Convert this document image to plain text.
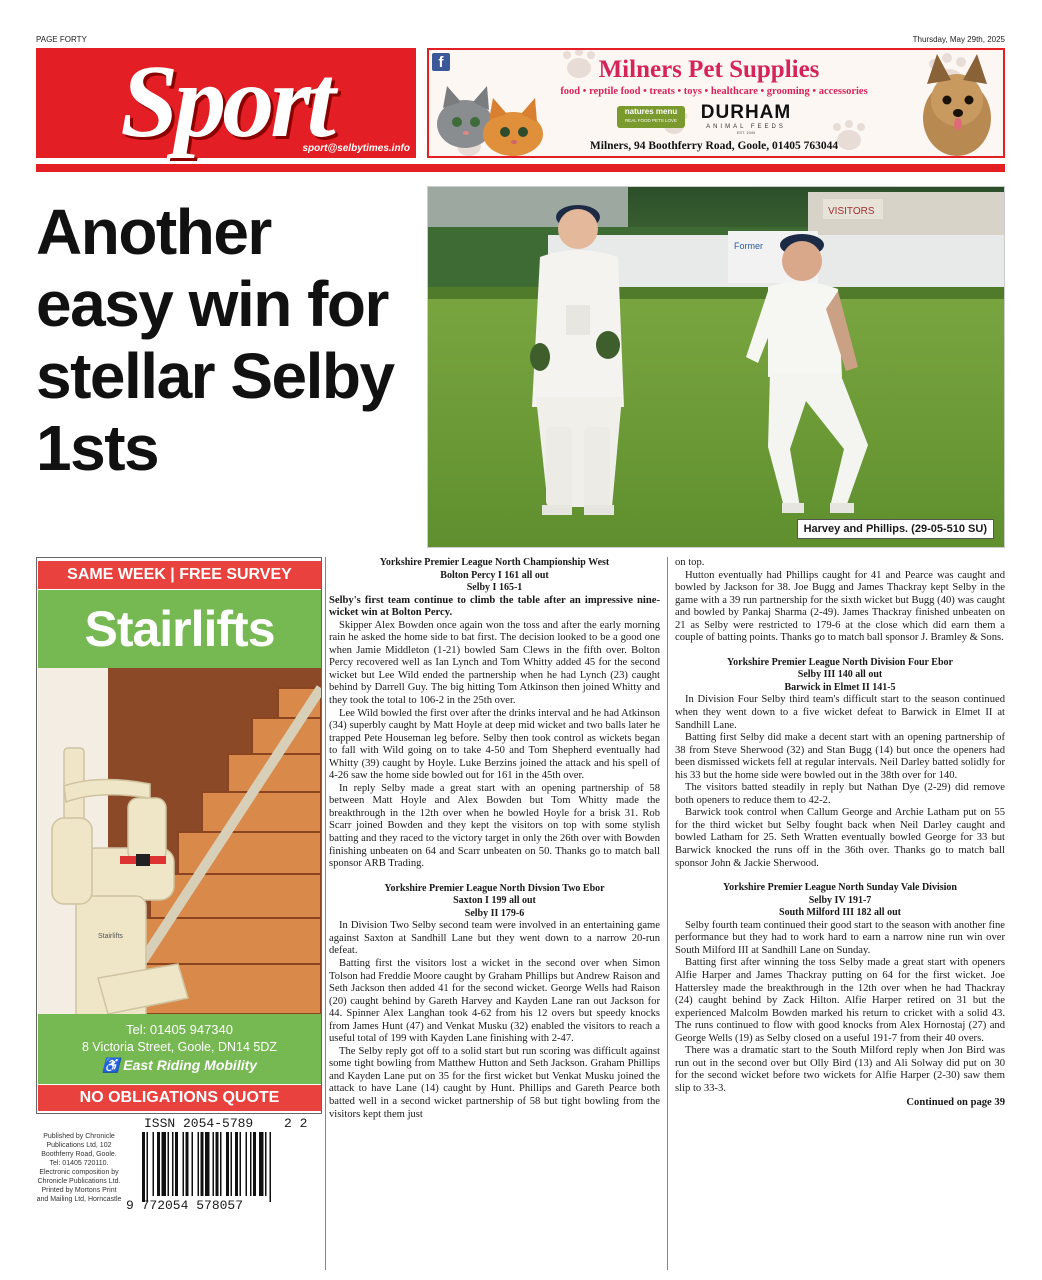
PAGE FORTY	Thursday, May 29th, 2025
Sport
sport@selbytimes.info
f	Milners Pet Supplies
food • reptile food • treats • toys • healthcare • grooming • accessories
natures menu
REAL FOOD PETS LOVE	DURHAM
ANIMAL FEEDS
EST. 1949
Milners, 94 Boothferry Road, Goole, 01405 763044
Another easy win for stellar Selby 1sts
VISITORS
Former
Harvey and Phillips. (29-05-510 SU)
SAME WEEK | FREE SURVEY
Stairlifts
Stairlifts
Tel: 01405 947340
8 Victoria Street, Goole, DN14 5DZ
♿ East Riding Mobility
NO OBLIGATIONS QUOTE
Published by Chronicle Publications Ltd, 102 Boothferry Road, Goole. Tel: 01405 720110. Electronic composition by Chronicle Publications Ltd. Printed by Mortons Print and Mailing Ltd, Horncastle
ISSN 2054-5789 2 2
9 772054 578057
Yorkshire Premier League North Championship West
Bolton Percy I 161 all out
Selby I 165-1

Selby's first team continue to climb the table after an impressive nine-wicket win at Bolton Percy.

Skipper Alex Bowden once again won the toss and after the early morning rain he asked the home side to bat first. The decision looked to be a good one when Jamie Middleton (1-21) bowled Sam Clews in the fifth over. Bolton Percy recovered well as Ian Lynch and Tom Whitty added 45 for the second wicket but Lee Wild ended the partnership when he had Lynch (23) caught behind by Darrell Guy. The big hitting Tom Atkinson then joined Whitty and they took the total to 106-2 in the 25th over.

Lee Wild bowled the first over after the drinks interval and he had Atkinson (34) superbly caught by Matt Hoyle at deep mid wicket and two balls later he trapped Pete Houseman leg before. Selby then took control as wickets began to fall with Wild going on to take 4-50 and Tom Shepherd eventually had Whitty (39) caught by Hoyle. Luke Berzins joined the attack and his spell of 4-26 saw the home side bowled out for 161 in the 45th over.

In reply Selby made a great start with an opening partnership of 58 between Matt Hoyle and Alex Bowden but Tom Whitty made the breakthrough in the 12th over when he bowled Hoyle for a brisk 31. Rob Scarr joined Bowden and they kept the visitors on top with some stylish batting and they raced to the victory target in only the 26th over with Bowden finishing unbeaten on 64 and Scarr unbeaten on 50. Thanks go to match ball sponsor ARB Trading.

Yorkshire Premier League North Divsion Two Ebor
Saxton I 199 all out
Selby II 179-6

In Division Two Selby second team were involved in an entertaining game against Saxton at Sandhill Lane but they went down to a narrow 20-run defeat.

Batting first the visitors lost a wicket in the second over when Simon Tolson had Freddie Moore caught by Graham Phillips but Andrew Raison and Seth Jackson then added 41 for the second wicket. George Wells had Raison (20) caught behind by Gareth Harvey and Kayden Lane ran out Jackson for 44. Spinner Alex Langhan took 4-62 from his 12 overs but speedy knocks from James Hunt (47) and Venkat Musku (32) enabled the visitors to reach a useful total of 199 with Kayden Lane finishing with 2-47.

The Selby reply got off to a solid start but run scoring was difficult against some tight bowling from Matthew Hutton and Seth Jackson. Graham Phillips and Kayden Lane put on 35 for the first wicket but Venkat Musku joined the attack to have Lane (14) caught by Hunt. Phillips and Gareth Pearce both batted well in a second wicket partnership of 58 but tight bowling from the visitors kept them just

on top.

Hutton eventually had Phillips caught for 41 and Pearce was caught and bowled by Jackson for 38. Joe Bugg and James Thackray kept Selby in the game with a 39 run partnership for the sixth wicket but Bugg (40) was caught and bowled by Pankaj Sharma (2-49). James Thackray finished unbeaten on 21 as Selby were restricted to 179-6 at the close which did earn them a couple of batting points. Thanks go to match ball sponsor J. Bramley & Sons.

Yorkshire Premier League North Division Four Ebor
Selby III 140 all out
Barwick in Elmet II 141-5

In Division Four Selby third team's difficult start to the season continued when they went down to a five wicket defeat to Barwick in Elmet II at Sandhill Lane.

Batting first Selby did make a decent start with an opening partnership of 38 from Steve Sherwood (32) and Stan Bugg (14) but once the openers had been dismissed wickets fell at regular intervals. Neil Darley batted solidly for his 33 but the home side were bowled out in the 38th over for 140.

The visitors batted steadily in reply but Nathan Dye (2-29) did remove both openers to reduce them to 42-2.

Barwick took control when Callum George and Archie Latham put on 55 for the third wicket but Selby fought back when Neil Darley caught and bowled Latham for 25. Seth Wratten eventually bowled George for 33 but Barwick knocked the runs off in the 36th over. Thanks go to match ball sponsor John & Jackie Sherwood.

Yorkshire Premier League North Sunday Vale Division
Selby IV 191-7
South Milford III 182 all out

Selby fourth team continued their good start to the season with another fine performance but they had to work hard to earn a narrow nine run win over South Milford III at Sandhill Lane on Sunday.

Batting first after winning the toss Selby made a great start with openers Alfie Harper and James Thackray putting on 64 for the first wicket. Joe Hattersley made the breakthrough in the 12th over when he had Thackray (24) caught behind by Zack Hilton. Alfie Harper retired on 31 but the experienced Malcolm Bowden marked his return to cricket with a solid 43. The runs continued to flow with good knocks from Alex Hornostaj (27) and George Wells (19) as Selby closed on a useful 191-7 from their 40 overs.

There was a dramatic start to the South Milford reply when Jon Bird was run out in the second over but Olly Bird (13) and Ali Solway did put on 30 for the second wicket before two wickets for Alfie Harper (2-30) saw them slip to 33-3.

Continued on page 39
